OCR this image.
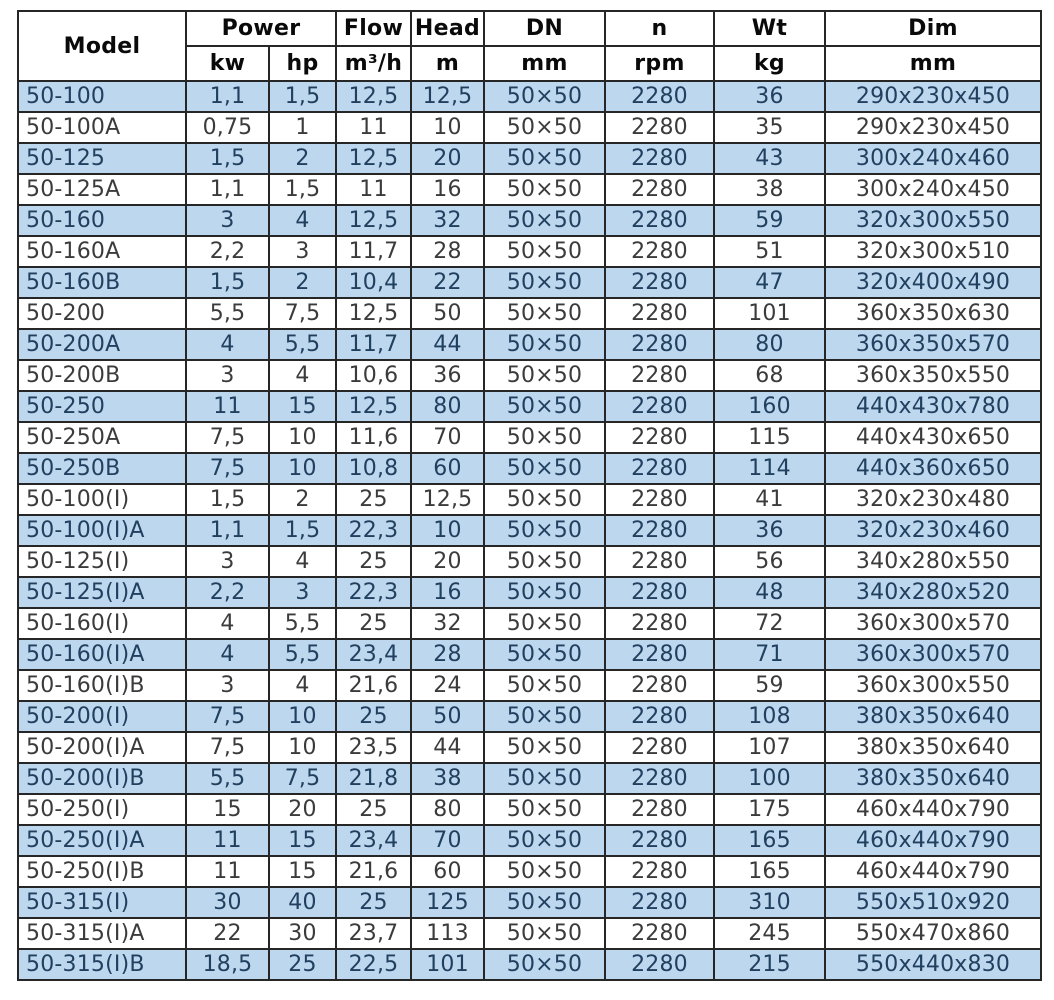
Model	Power		Flow	Head	DN	n	Wt	Dim
	kw	hp	m³/h	m	mm	rpm	kg	mm
50-100	1,1	1,5	12,5	12,5	50×50	2280	36	290x230x450
50-100A	0,75	1	11	10	50×50	2280	35	290x230x450
50-125	1,5	2	12,5	20	50×50	2280	43	300x240x460
50-125A	1,1	1,5	11	16	50×50	2280	38	300x240x450
50-160	3	4	12,5	32	50×50	2280	59	320x300x550
50-160A	2,2	3	11,7	28	50×50	2280	51	320x300x510
50-160B	1,5	2	10,4	22	50×50	2280	47	320x400x490
50-200	5,5	7,5	12,5	50	50×50	2280	101	360x350x630
50-200A	4	5,5	11,7	44	50×50	2280	80	360x350x570
50-200B	3	4	10,6	36	50×50	2280	68	360x350x550
50-250	11	15	12,5	80	50×50	2280	160	440x430x780
50-250A	7,5	10	11,6	70	50×50	2280	115	440x430x650
50-250B	7,5	10	10,8	60	50×50	2280	114	440x360x650
50-100(I)	1,5	2	25	12,5	50×50	2280	41	320x230x480
50-100(I)A	1,1	1,5	22,3	10	50×50	2280	36	320x230x460
50-125(I)	3	4	25	20	50×50	2280	56	340x280x550
50-125(I)A	2,2	3	22,3	16	50×50	2280	48	340x280x520
50-160(I)	4	5,5	25	32	50×50	2280	72	360x300x570
50-160(I)A	4	5,5	23,4	28	50×50	2280	71	360x300x570
50-160(I)B	3	4	21,6	24	50×50	2280	59	360x300x550
50-200(I)	7,5	10	25	50	50×50	2280	108	380x350x640
50-200(I)A	7,5	10	23,5	44	50×50	2280	107	380x350x640
50-200(I)B	5,5	7,5	21,8	38	50×50	2280	100	380x350x640
50-250(I)	15	20	25	80	50×50	2280	175	460x440x790
50-250(I)A	11	15	23,4	70	50×50	2280	165	460x440x790
50-250(I)B	11	15	21,6	60	50×50	2280	165	460x440x790
50-315(I)	30	40	25	125	50×50	2280	310	550x510x920
50-315(I)A	22	30	23,7	113	50×50	2280	245	550x470x860
50-315(I)B	18,5	25	22,5	101	50×50	2280	215	550x440x830
